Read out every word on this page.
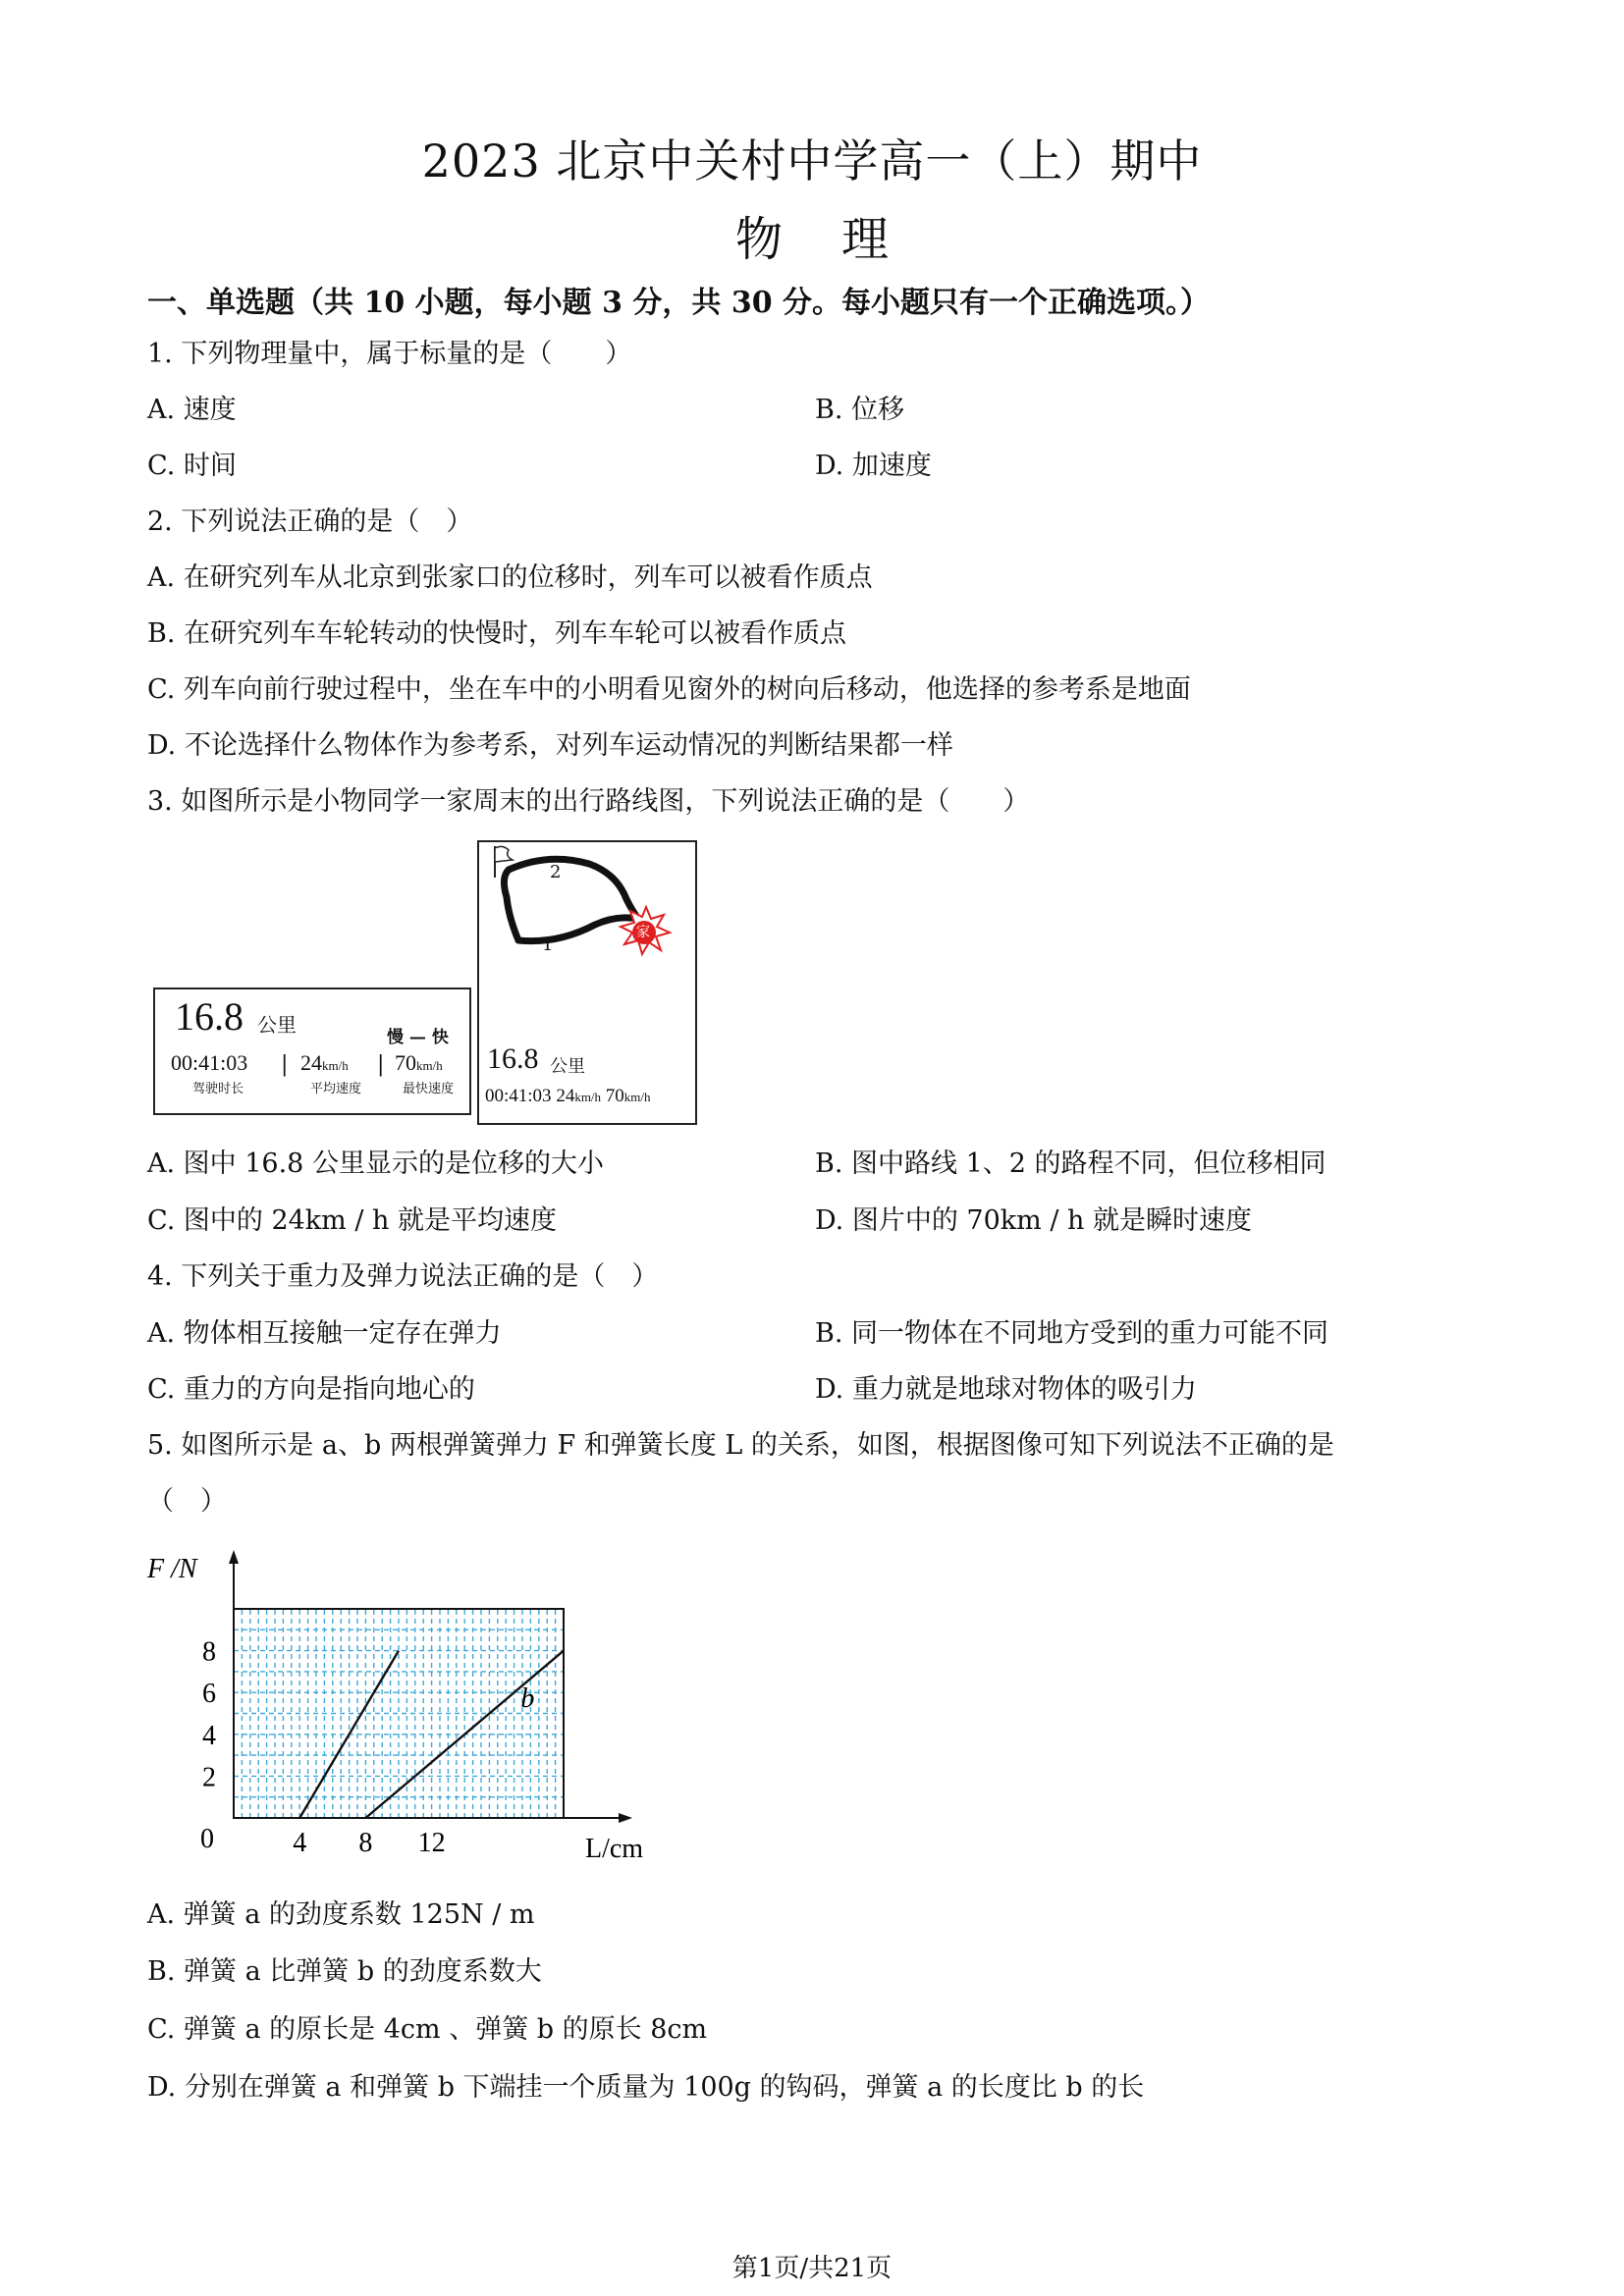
2023 北京中关村中学高一（上）期中
物理
一、单选题（共 10 小题，每小题 3 分，共 30 分。每小题只有一个正确选项。）
1. 下列物理量中，属于标量的是（　　）
A. 速度	B. 位移
C. 时间	D. 加速度
2. 下列说法正确的是（　）
A. 在研究列车从北京到张家口的位移时，列车可以被看作质点
B. 在研究列车车轮转动的快慢时，列车车轮可以被看作质点
C. 列车向前行驶过程中，坐在车中的小明看见窗外的树向后移动，他选择的参考系是地面
D. 不论选择什么物体作为参考系，对列车运动情况的判断结果都一样
3. 如图所示是小物同学一家周末的出行路线图，下列说法正确的是（　　）
16.8 公里
慢 — 快
00:41:03
驾驶时长
| 24km/h
平均速度
| 70km/h
最快速度
2
1
家
16.8 公里
00:41:03 24km/h 70km/h
A. 图中 16.8 公里显示的是位移的大小	B. 图中路线 1、2 的路程不同，但位移相同
C. 图中的 24km / h 就是平均速度	D. 图片中的 70km / h 就是瞬时速度
4. 下列关于重力及弹力说法正确的是（　）
A. 物体相互接触一定存在弹力	B. 同一物体在不同地方受到的重力可能不同
C. 重力的方向是指向地心的	D. 重力就是地球对物体的吸引力
5. 如图所示是 a、b 两根弹簧弹力 F 和弹簧长度 L 的关系，如图，根据图像可知下列说法不正确的是
（　）
F /N
L/cm
0	4 8 12
2
4
6
8
b
A. 弹簧 a 的劲度系数 125N / m
B. 弹簧 a 比弹簧 b 的劲度系数大
C. 弹簧 a 的原长是 4cm 、弹簧 b 的原长 8cm
D. 分别在弹簧 a 和弹簧 b 下端挂一个质量为 100g 的钩码，弹簧 a 的长度比 b 的长
第1页/共21页
